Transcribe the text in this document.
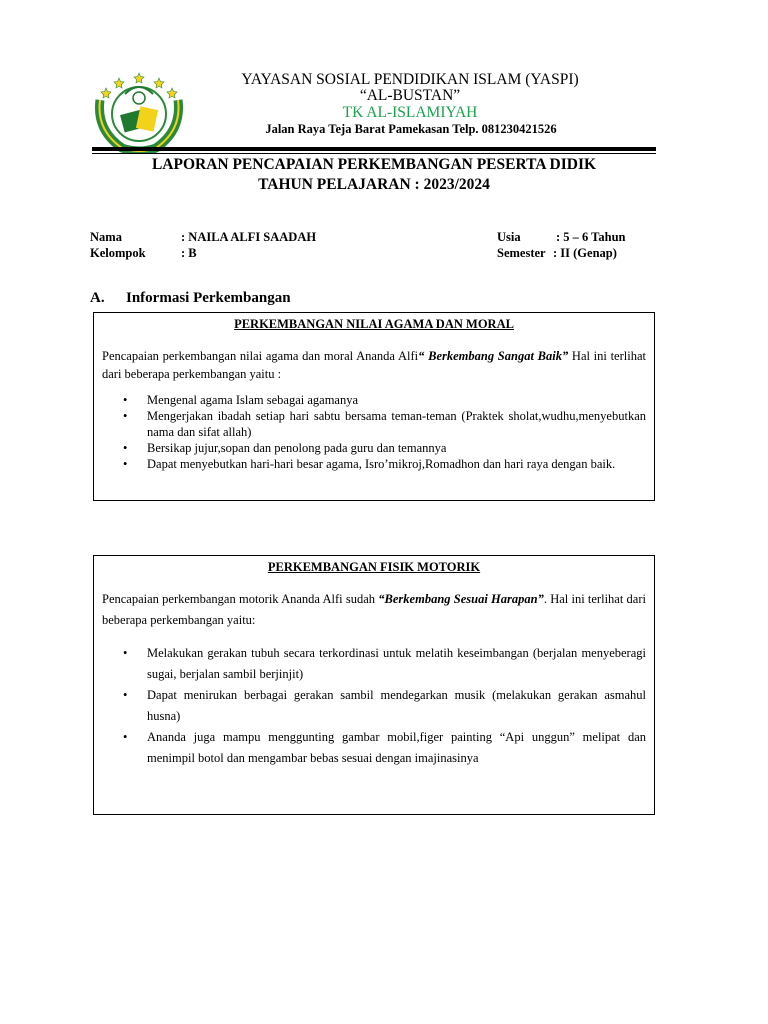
YAYASAN SOSIAL PENDIDIKAN ISLAM (YASPI)
“AL-BUSTAN”
TK AL-ISLAMIYAH
Jalan Raya Teja Barat Pamekasan Telp. 081230421526
LAPORAN PENCAPAIAN PERKEMBANGAN PESERTA DIDIK
TAHUN PELAJARAN : 2023/2024
Nama	: NAILA ALFI SAADAH
Kelompok	: B
Usia	: 5 – 6 Tahun
Semester : II (Genap)
A. Informasi Perkembangan
PERKEMBANGAN NILAI AGAMA DAN MORAL

Pencapaian perkembangan nilai agama dan moral Ananda Alfi“ Berkembang Sangat Baik” Hal ini terlihat dari beberapa perkembangan yaitu :

• Mengenal agama Islam sebagai agamanya
• Mengerjakan ibadah setiap hari sabtu bersama teman-teman (Praktek sholat,wudhu,menyebutkan nama dan sifat allah)
• Bersikap jujur,sopan dan penolong pada guru dan temannya
• Dapat menyebutkan hari-hari besar agama, Isro’mikroj,Romadhon dan hari raya dengan baik.
PERKEMBANGAN FISIK MOTORIK

Pencapaian perkembangan motorik Ananda Alfi sudah “Berkembang Sesuai Harapan”. Hal ini terlihat dari beberapa perkembangan yaitu:

• Melakukan gerakan tubuh secara terkordinasi untuk melatih keseimbangan (berjalan menyeberagi sugai, berjalan sambil berjinjit)
• Dapat menirukan berbagai gerakan sambil mendegarkan musik (melakukan gerakan asmahul husna)
• Ananda juga mampu menggunting gambar mobil,figer painting “Api unggun” melipat dan menimpil botol dan mengambar bebas sesuai dengan imajinasinya
